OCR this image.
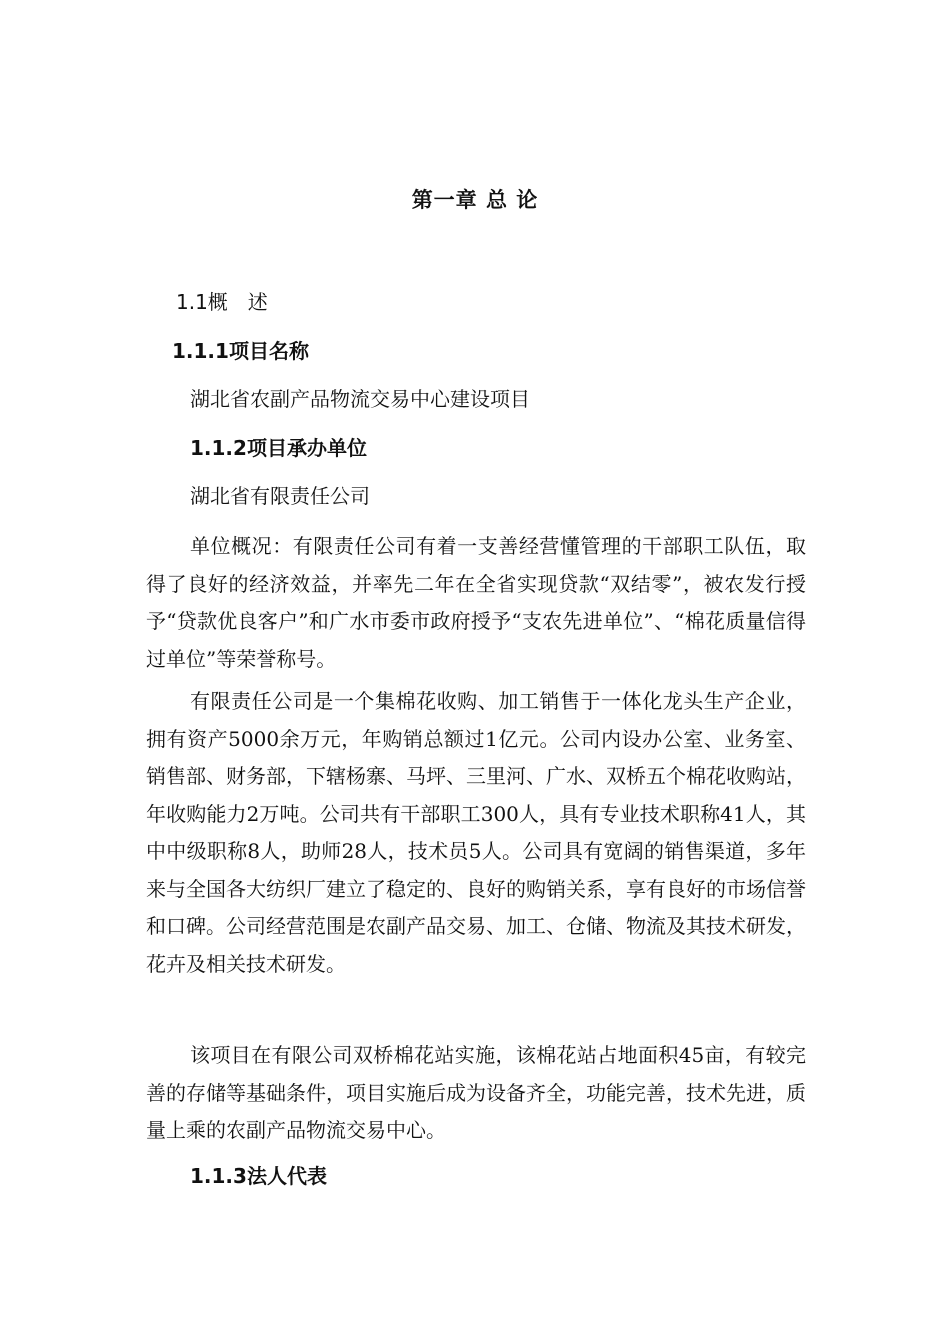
第一章 总 论
1.1概　述
1.1.1项目名称
湖北省农副产品物流交易中心建设项目
1.1.2项目承办单位
湖北省有限责任公司

单位概况：有限责任公司有着一支善经营懂管理的干部职工队伍，取得了良好的经济效益，并率先二年在全省实现贷款“双结零”，被农发行授予“贷款优良客户”和广水市委市政府授予“支农先进单位”、“棉花质量信得过单位”等荣誉称号。

有限责任公司是一个集棉花收购、加工销售于一体化龙头生产企业，拥有资产5000余万元，年购销总额过1亿元。公司内设办公室、业务室、销售部、财务部，下辖杨寨、马坪、三里河、广水、双桥五个棉花收购站，年收购能力2万吨。公司共有干部职工300人，具有专业技术职称41人，其中中级职称8人，助师28人，技术员5人。公司具有宽阔的销售渠道，多年来与全国各大纺织厂建立了稳定的、良好的购销关系，享有良好的市场信誉和口碑。公司经营范围是农副产品交易、加工、仓储、物流及其技术研发，花卉及相关技术研发。

该项目在有限公司双桥棉花站实施，该棉花站占地面积45亩，有较完善的存储等基础条件，项目实施后成为设备齐全，功能完善，技术先进，质量上乘的农副产品物流交易中心。

1.1.3法人代表
